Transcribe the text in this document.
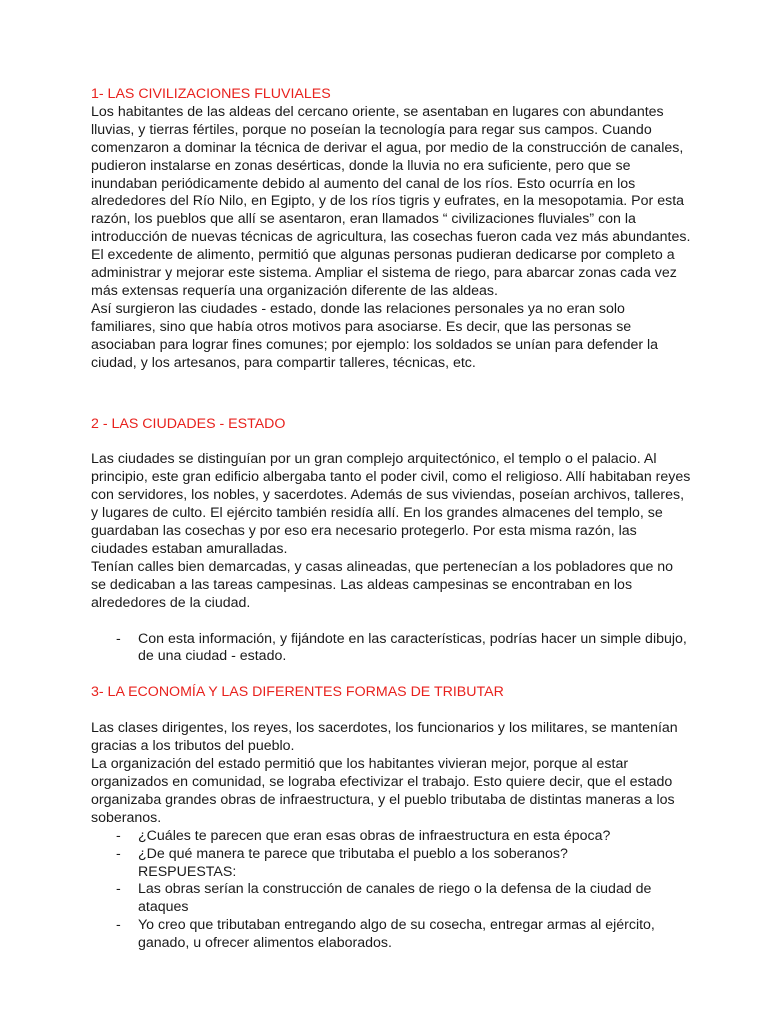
1- LAS CIVILIZACIONES FLUVIALES

Los habitantes de las aldeas del cercano oriente, se asentaban en lugares con abundantes lluvias, y tierras fértiles, porque no poseían la tecnología para regar sus campos. Cuando comenzaron a dominar la técnica de derivar el agua, por medio de la construcción de canales, pudieron instalarse en zonas desérticas, donde la lluvia no era suficiente, pero que se inundaban periódicamente debido al aumento del canal de los ríos. Esto ocurría en los alrededores del Río Nilo, en Egipto, y de los ríos tigris y eufrates, en la mesopotamia. Por esta razón, los pueblos que allí se asentaron, eran llamados “ civilizaciones fluviales” con la introducción de nuevas técnicas de agricultura, las cosechas fueron cada vez más abundantes. El excedente de alimento, permitió que algunas personas pudieran dedicarse por completo a administrar y mejorar este sistema. Ampliar el sistema de riego, para abarcar zonas cada vez más extensas requería una organización diferente de las aldeas.

Así surgieron las ciudades - estado, donde las relaciones personales ya no eran solo familiares, sino que había otros motivos para asociarse. Es decir, que las personas se asociaban para lograr fines comunes; por ejemplo: los soldados se unían para defender la ciudad, y los artesanos, para compartir talleres, técnicas, etc.

2 - LAS CIUDADES - ESTADO

Las ciudades se distinguían por un gran complejo arquitectónico, el templo o el palacio. Al principio, este gran edificio albergaba tanto el poder civil, como el religioso. Allí habitaban reyes con servidores, los nobles, y sacerdotes. Además de sus viviendas, poseían archivos, talleres, y lugares de culto. El ejército también residía allí. En los grandes almacenes del templo, se guardaban las cosechas y por eso era necesario protegerlo. Por esta misma razón, las ciudades estaban amuralladas.

Tenían calles bien demarcadas, y casas alineadas, que pertenecían a los pobladores que no se dedicaban a las tareas campesinas. Las aldeas campesinas se encontraban en los alrededores de la ciudad.

- Con esta información, y fijándote en las características, podrías hacer un simple dibujo, de una ciudad - estado.
3- LA ECONOMÍA Y LAS DIFERENTES FORMAS DE TRIBUTAR

Las clases dirigentes, los reyes, los sacerdotes, los funcionarios y los militares, se mantenían gracias a los tributos del pueblo.

La organización del estado permitió que los habitantes vivieran mejor, porque al estar organizados en comunidad, se lograba efectivizar el trabajo. Esto quiere decir, que el estado organizaba grandes obras de infraestructura, y el pueblo tributaba de distintas maneras a los soberanos.

- ¿Cuáles te parecen que eran esas obras de infraestructura en esta época?
- ¿De qué manera te parece que tributaba el pueblo a los soberanos?
RESPUESTAS:
- Las obras serían la construcción de canales de riego o la defensa de la ciudad de ataques
- Yo creo que tributaban entregando algo de su cosecha, entregar armas al ejército, ganado, u ofrecer alimentos elaborados.
